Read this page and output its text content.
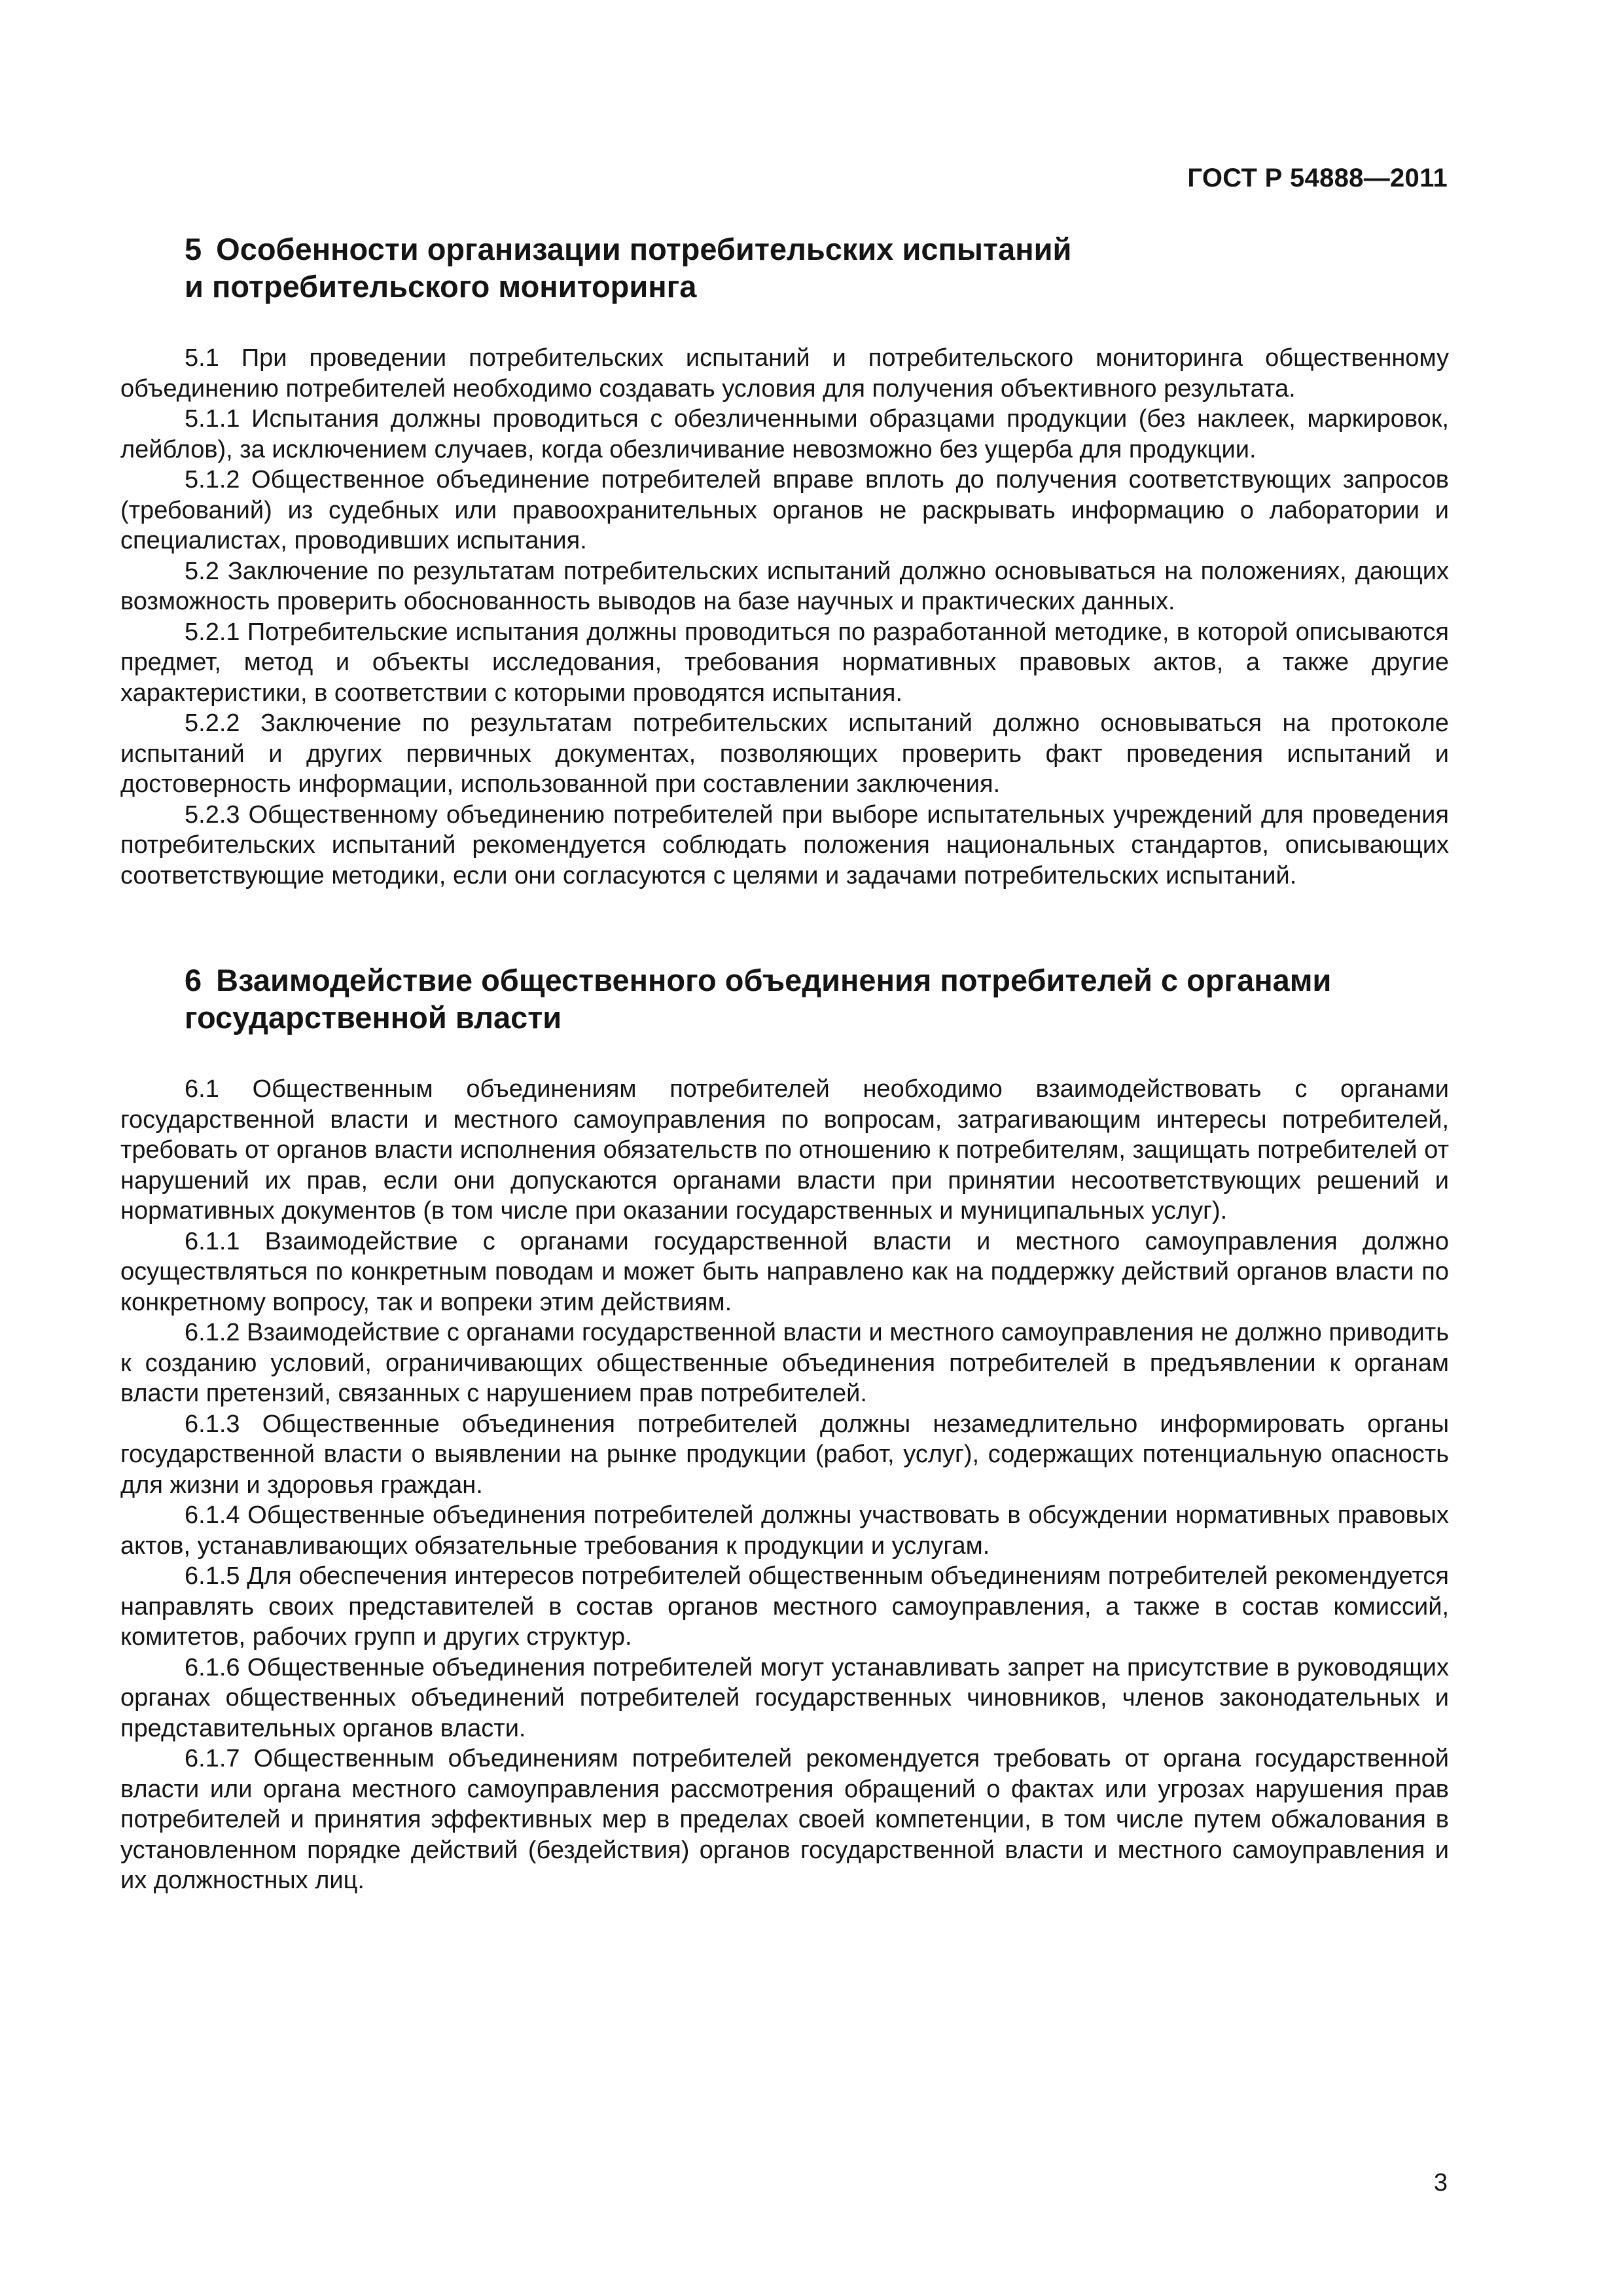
ГОСТ Р 54888—2011
5 Особенности организации потребительских испытаний
и потребительского мониторинга

5.1 При проведении потребительских испытаний и потребительского мониторинга общественному объединению потребителей необходимо создавать условия для получения объективного результата.

5.1.1 Испытания должны проводиться с обезличенными образцами продукции (без наклеек, маркировок, лейблов), за исключением случаев, когда обезличивание невозможно без ущерба для продукции.

5.1.2 Общественное объединение потребителей вправе вплоть до получения соответствующих запросов (требований) из судебных или правоохранительных органов не раскрывать информацию о лаборатории и специалистах, проводивших испытания.

5.2 Заключение по результатам потребительских испытаний должно основываться на положениях, дающих возможность проверить обоснованность выводов на базе научных и практических данных.

5.2.1 Потребительские испытания должны проводиться по разработанной методике, в которой описываются предмет, метод и объекты исследования, требования нормативных правовых актов, а также другие характеристики, в соответствии с которыми проводятся испытания.

5.2.2 Заключение по результатам потребительских испытаний должно основываться на протоколе испытаний и других первичных документах, позволяющих проверить факт проведения испытаний и достоверность информации, использованной при составлении заключения.

5.2.3 Общественному объединению потребителей при выборе испытательных учреждений для проведения потребительских испытаний рекомендуется соблюдать положения национальных стандартов, описывающих соответствующие методики, если они согласуются с целями и задачами потребительских испытаний.

6 Взаимодействие общественного объединения потребителей с органами
государственной власти

6.1 Общественным объединениям потребителей необходимо взаимодействовать с органами государственной власти и местного самоуправления по вопросам, затрагивающим интересы потребителей, требовать от органов власти исполнения обязательств по отношению к потребителям, защищать потребителей от нарушений их прав, если они допускаются органами власти при принятии несоответствующих решений и нормативных документов (в том числе при оказании государственных и муниципальных услуг).

6.1.1 Взаимодействие с органами государственной власти и местного самоуправления должно осуществляться по конкретным поводам и может быть направлено как на поддержку действий органов власти по конкретному вопросу, так и вопреки этим действиям.

6.1.2 Взаимодействие с органами государственной власти и местного самоуправления не должно приводить к созданию условий, ограничивающих общественные объединения потребителей в предъявлении к органам власти претензий, связанных с нарушением прав потребителей.

6.1.3 Общественные объединения потребителей должны незамедлительно информировать органы государственной власти о выявлении на рынке продукции (работ, услуг), содержащих потенциальную опасность для жизни и здоровья граждан.

6.1.4 Общественные объединения потребителей должны участвовать в обсуждении нормативных правовых актов, устанавливающих обязательные требования к продукции и услугам.

6.1.5 Для обеспечения интересов потребителей общественным объединениям потребителей рекомендуется направлять своих представителей в состав органов местного самоуправления, а также в состав комиссий, комитетов, рабочих групп и других структур.

6.1.6 Общественные объединения потребителей могут устанавливать запрет на присутствие в руководящих органах общественных объединений потребителей государственных чиновников, членов законодательных и представительных органов власти.

6.1.7 Общественным объединениям потребителей рекомендуется требовать от органа государственной власти или органа местного самоуправления рассмотрения обращений о фактах или угрозах нарушения прав потребителей и принятия эффективных мер в пределах своей компетенции, в том числе путем обжалования в установленном порядке действий (бездействия) органов государственной власти и местного самоуправления и их должностных лиц.

3
